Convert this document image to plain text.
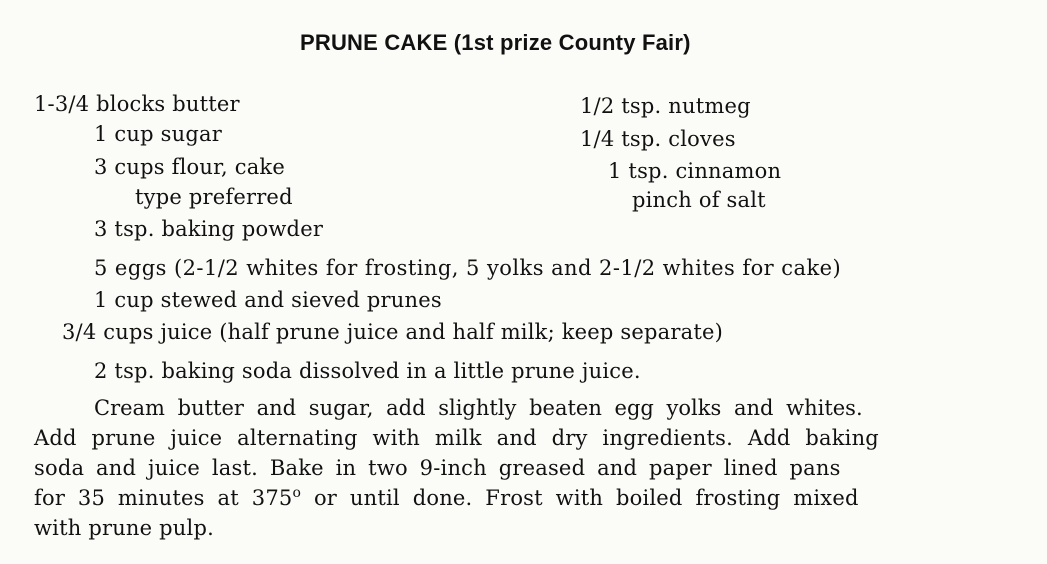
PRUNE CAKE (1st prize County Fair)
1-3/4 blocks butter
1 cup sugar
3 cups flour, cake
type preferred
3 tsp. baking powder
1/2 tsp. nutmeg
1/4 tsp. cloves
1 tsp. cinnamon
pinch of salt
5 eggs (2-1/2 whites for frosting, 5 yolks and 2-1/2 whites for cake)
1 cup stewed and sieved prunes
3/4 cups juice (half prune juice and half milk; keep separate)
2 tsp. baking soda dissolved in a little prune juice.
Cream butter and sugar, add slightly beaten egg yolks and whites.
Add prune juice alternating with milk and dry ingredients. Add baking
soda and juice last. Bake in two 9-inch greased and paper lined pans
for 35 minutes at 375$^o$ or until done. Frost with boiled frosting mixed
with prune pulp.
